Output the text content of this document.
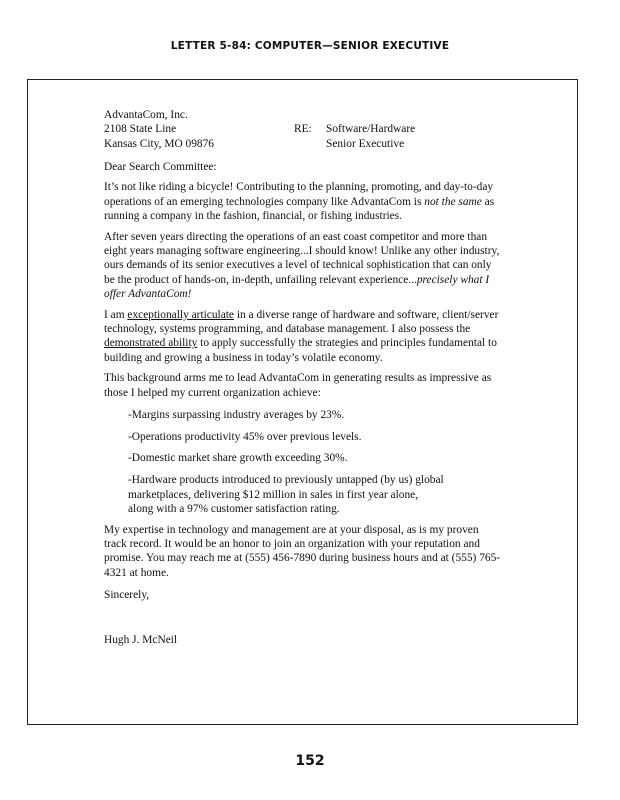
LETTER 5-84: COMPUTER—SENIOR EXECUTIVE
AdvantaCom, Inc.
2108 State Line
Kansas City, MO 09876
RE: Software/Hardware
Senior Executive
Dear Search Committee:

It’s not like riding a bicycle! Contributing to the planning, promoting, and day-to-day operations of an emerging technologies company like AdvantaCom is not the same as running a company in the fashion, financial, or fishing industries.

After seven years directing the operations of an east coast competitor and more than eight years managing software engineering...I should know! Unlike any other industry, ours demands of its senior executives a level of technical sophistication that can only be the product of hands-on, in-depth, unfailing relevant experience...precisely what I offer AdvantaCom!

I am exceptionally articulate in a diverse range of hardware and software, client/server technology, systems programming, and database management. I also possess the demonstrated ability to apply successfully the strategies and principles fundamental to building and growing a business in today’s volatile economy.

This background arms me to lead AdvantaCom in generating results as impressive as those I helped my current organization achieve:

-Margins surpassing industry averages by 23%.
-Operations productivity 45% over previous levels.
-Domestic market share growth exceeding 30%.
-Hardware products introduced to previously untapped (by us) global
marketplaces, delivering $12 million in sales in first year alone,
along with a 97% customer satisfaction rating.

My expertise in technology and management are at your disposal, as is my proven track record. It would be an honor to join an organization with your reputation and promise. You may reach me at (555) 456-7890 during business hours and at (555) 765-4321 at home.

Sincerely,
Hugh J. McNeil
152
